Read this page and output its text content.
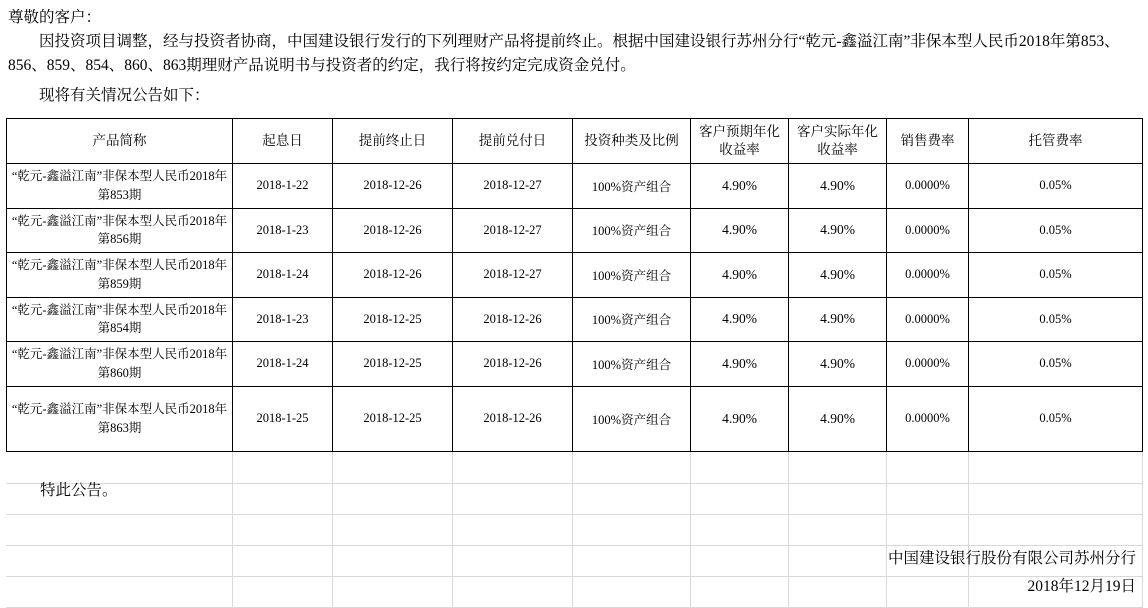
尊敬的客户：

因投资项目调整，经与投资者协商，中国建设银行发行的下列理财产品将提前终止。根据中国建设银行苏州分行“乾元-鑫溢江南”非保本型人民币2018年第853、856、859、854、860、863期理财产品说明书与投资者的约定，我行将按约定完成资金兑付。

现将有关情况公告如下：

产品简称	起息日	提前终止日	提前兑付日	投资种类及比例	客户预期年化收益率	客户实际年化收益率	销售费率	托管费率
“乾元-鑫溢江南”非保本型人民币2018年第853期	2018-1-22	2018-12-26	2018-12-27	100%资产组合	4.90%	4.90%	0.0000%	0.05%
“乾元-鑫溢江南”非保本型人民币2018年第856期	2018-1-23	2018-12-26	2018-12-27	100%资产组合	4.90%	4.90%	0.0000%	0.05%
“乾元-鑫溢江南”非保本型人民币2018年第859期	2018-1-24	2018-12-26	2018-12-27	100%资产组合	4.90%	4.90%	0.0000%	0.05%
“乾元-鑫溢江南”非保本型人民币2018年第854期	2018-1-23	2018-12-25	2018-12-26	100%资产组合	4.90%	4.90%	0.0000%	0.05%
“乾元-鑫溢江南”非保本型人民币2018年第860期	2018-1-24	2018-12-25	2018-12-26	100%资产组合	4.90%	4.90%	0.0000%	0.05%
“乾元-鑫溢江南”非保本型人民币2018年第863期	2018-1-25	2018-12-25	2018-12-26	100%资产组合	4.90%	4.90%	0.0000%	0.05%

特此公告。
中国建设银行股份有限公司苏州分行
2018年12月19日
